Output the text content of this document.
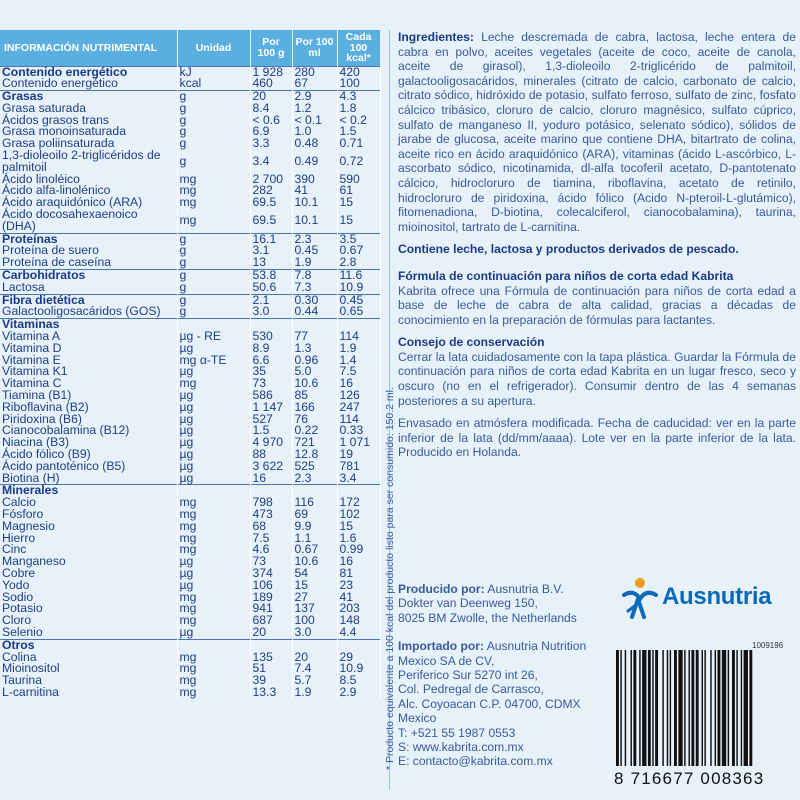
INFORMACIÓN NUTRIMENTAL	Unidad	Por 100 g	Por 100 ml	Cada 100 kcal*
Contenido energético	kJ	1 928	280	420
Contenido energético	kcal	460	67	100
Grasas	g	20	2.9	4.3
Grasa saturada	g	8.4	1.2	1.8
Ácidos grasos trans	g	< 0.6	< 0.1	< 0.2
Grasa monoinsaturada	g	6.9	1.0	1.5
Grasa poliinsaturada	g	3.3	0.48	0.71
1,3-dioleoilo 2-triglicéridos de palmitoil	g	3.4	0.49	0.72
Ácido linoléico	mg	2 700	390	590
Ácido alfa-linolénico	mg	282	41	61
Ácido araquidónico (ARA)	mg	69.5	10.1	15
Ácido docosahexaenoico (DHA)	mg	69.5	10.1	15
Proteínas	g	16.1	2.3	3.5
Proteína de suero	g	3.1	0.45	0.67
Proteína de caseína	g	13	1.9	2.8
Carbohidratos	g	53.8	7.8	11.6
Lactosa	g	50.6	7.3	10.9
Fibra dietética	g	2.1	0.30	0.45
Galactooligosacáridos (GOS)	g	3.0	0.44	0.65
Vitaminas				
Vitamina A	µg - RE	530	77	114
Vitamina D	µg	8.9	1.3	1.9
Vitamina E	mg α-TE	6.6	0.96	1.4
Vitamina K1	µg	35	5.0	7.5
Vitamina C	mg	73	10.6	16
Tiamina (B1)	µg	586	85	126
Riboflavina (B2)	µg	1 147	166	247
Piridoxina (B6)	µg	527	76	114
Cianocobalamina (B12)	µg	1.5	0.22	0.33
Niacina (B3)	µg	4 970	721	1 071
Ácido fólico (B9)	µg	88	12.8	19
Ácido pantoténico (B5)	µg	3 622	525	781
Biotina (H)	µg	16	2.3	3.4
Minerales				
Calcio	mg	798	116	172
Fósforo	mg	473	69	102
Magnesio	mg	68	9.9	15
Hierro	mg	7.5	1.1	1.6
Cinc	mg	4.6	0.67	0.99
Manganeso	µg	73	10.6	16
Cobre	µg	374	54	81
Yodo	µg	106	15	23
Sodio	mg	189	27	41
Potasio	mg	941	137	203
Cloro	mg	687	100	148
Selenio	µg	20	3.0	4.4
Otros				
Colina	mg	135	20	29
Mioinositol	mg	51	7.4	10.9
Taurina	mg	39	5.7	8.5
L-carnitina	mg	13.3	1.9	2.9	* Producto equivalente a 100 kcal del producto listo para ser consumido: 150.2 ml.

Ingredientes: Leche descremada de cabra, lactosa, leche entera de cabra en polvo, aceites vegetales (aceite de coco, aceite de canola, aceite de girasol), 1,3-dioleoilo 2-triglicérido de palmitoil, galactooligosacáridos, minerales (citrato de calcio, carbonato de calcio, citrato sódico, hidróxido de potasio, sulfato ferroso, sulfato de zinc, fosfato cálcico tribásico, cloruro de calcio, cloruro magnésico, sulfato cúprico, sulfato de manganeso II, yoduro potásico, selenato sódico), sólidos de jarabe de glucosa, aceite marino que contiene DHA, bitartrato de colina, aceite rico en ácido araquidónico (ARA), vitaminas (ácido L-ascórbico, L-ascorbato sódico, nicotinamida, dl-alfa tocoferil acetato, D-pantotenato cálcico, hidrocloruro de tiamina, riboflavina, acetato de retinilo, hidrocloruro de piridoxina, ácido fólico (Acido N-pteroil-L-glutámico), fitomenadiona, D-biotina, colecalciferol, cianocobalamina), taurina, mioinositol, tartrato de L-carnitina.

Contiene leche, lactosa y productos derivados de pescado.

Fórmula de continuación para niños de corta edad Kabrita

Kabrita ofrece una Fórmula de continuación para niños de corta edad a base de leche de cabra de alta calidad, gracias a décadas de conocimiento en la preparación de fórmulas para lactantes.

Consejo de conservación

Cerrar la lata cuidadosamente con la tapa plástica. Guardar la Fórmula de continuación para niños de corta edad Kabrita en un lugar fresco, seco y oscuro (no en el refrigerador). Consumir dentro de las 4 semanas posteriores a su apertura.

Envasado en atmósfera modificada. Fecha de caducidad: ver en la parte inferior de la lata (dd/mm/aaaa). Lote ver en la parte inferior de la lata. Producido en Holanda.

Producido por: Ausnutria B.V.

Dokter van Deenweg 150,

8025 BM Zwolle, the Netherlands

Importado por: Ausnutria Nutrition

Mexico SA de CV,

Periferico Sur 5270 int 26,

Col. Pedregal de Carrasco,

Alc. Coyoacan C.P. 04700, CDMX

Mexico

T: +521 55 1987 0553

S: www.kabrita.com.mx

E: contacto@kabrita.com.mx

Ausnutria
1009196
8 716677 008363
